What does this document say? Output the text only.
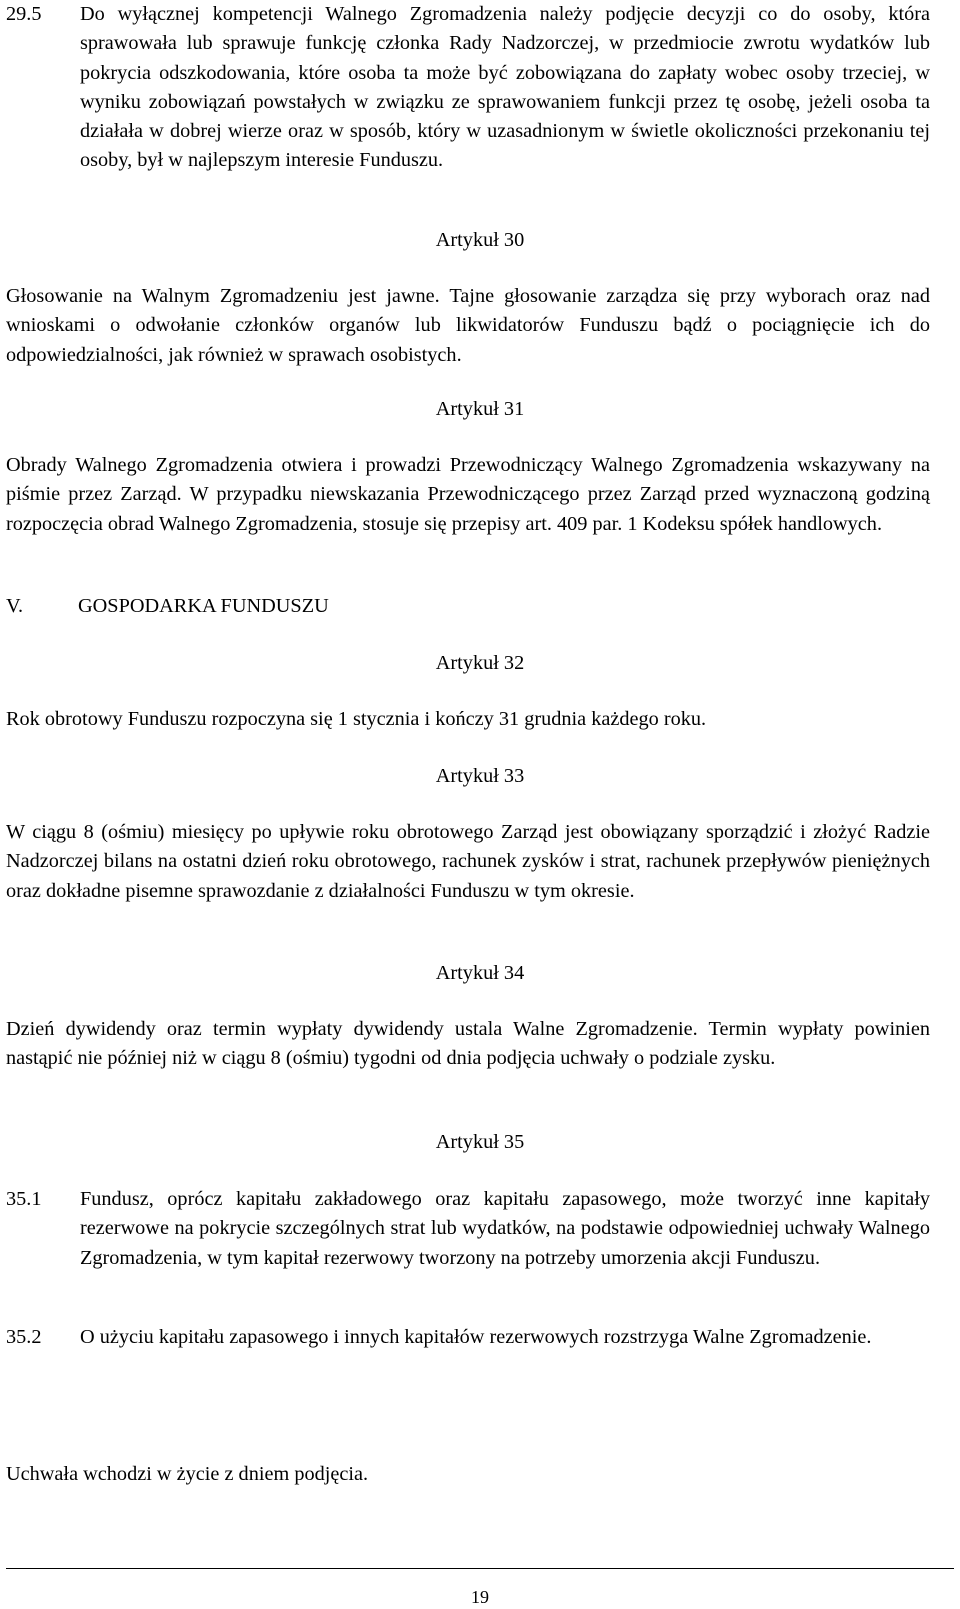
29.5 Do wyłącznej kompetencji Walnego Zgromadzenia należy podjęcie decyzji co do osoby, która sprawowała lub sprawuje funkcję członka Rady Nadzorczej, w przedmiocie zwrotu wydatków lub pokrycia odszkodowania, które osoba ta może być zobowiązana do zapłaty wobec osoby trzeciej, w wyniku zobowiązań powstałych w związku ze sprawowaniem funkcji przez tę osobę, jeżeli osoba ta działała w dobrej wierze oraz w sposób, który w uzasadnionym w świetle okoliczności przekonaniu tej osoby, był w najlepszym interesie Funduszu.
Artykuł 30
Głosowanie na Walnym Zgromadzeniu jest jawne. Tajne głosowanie zarządza się przy wyborach oraz nad wnioskami o odwołanie członków organów lub likwidatorów Funduszu bądź o pociągnięcie ich do odpowiedzialności, jak również w sprawach osobistych.
Artykuł 31
Obrady Walnego Zgromadzenia otwiera i prowadzi Przewodniczący Walnego Zgromadzenia wskazywany na piśmie przez Zarząd. W przypadku niewskazania Przewodniczącego przez Zarząd przed wyznaczoną godziną rozpoczęcia obrad Walnego Zgromadzenia, stosuje się przepisy art. 409 par. 1 Kodeksu spółek handlowych.
V.	GOSPODARKA FUNDUSZU
Artykuł 32
Rok obrotowy Funduszu rozpoczyna się 1 stycznia i kończy 31 grudnia każdego roku.
Artykuł 33
W ciągu 8 (ośmiu) miesięcy po upływie roku obrotowego Zarząd jest obowiązany sporządzić i złożyć Radzie Nadzorczej bilans na ostatni dzień roku obrotowego, rachunek zysków i strat, rachunek przepływów pieniężnych oraz dokładne pisemne sprawozdanie z działalności Funduszu w tym okresie.
Artykuł 34
Dzień dywidendy oraz termin wypłaty dywidendy ustala Walne Zgromadzenie. Termin wypłaty powinien nastąpić nie później niż w ciągu 8 (ośmiu) tygodni od dnia podjęcia uchwały o podziale zysku.
Artykuł 35
35.1 Fundusz, oprócz kapitału zakładowego oraz kapitału zapasowego, może tworzyć inne kapitały rezerwowe na pokrycie szczególnych strat lub wydatków, na podstawie odpowiedniej uchwały Walnego Zgromadzenia, w tym kapitał rezerwowy tworzony na potrzeby umorzenia akcji Funduszu.
35.2 O użyciu kapitału zapasowego i innych kapitałów rezerwowych rozstrzyga Walne Zgromadzenie.
Uchwała wchodzi w życie z dniem podjęcia.
19
